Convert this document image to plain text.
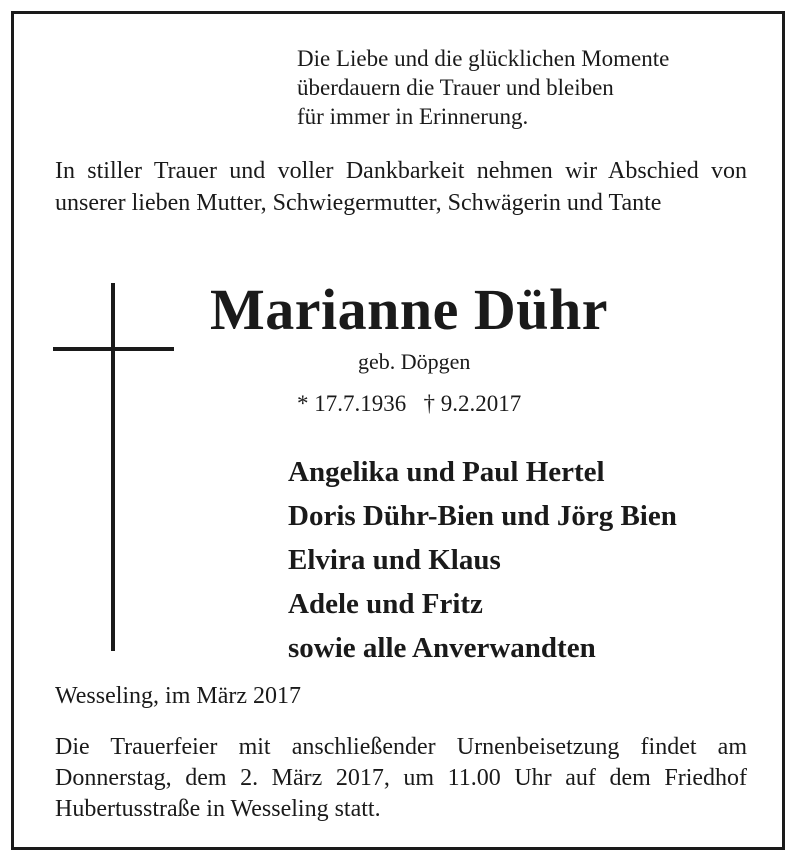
Die Liebe und die glücklichen Momente
überdauern die Trauer und bleiben
für immer in Erinnerung.
In stiller Trauer und voller Dankbarkeit nehmen wir Abschied von unserer lieben Mutter, Schwiegermutter, Schwägerin und Tante
Marianne Dühr
geb. Döpgen
* 17.7.1936   † 9.2.2017
Angelika und Paul Hertel
Doris Dühr-Bien und Jörg Bien
Elvira und Klaus
Adele und Fritz
sowie alle Anverwandten
Wesseling, im März 2017
Die Trauerfeier mit anschließender Urnenbeisetzung findet am Donnerstag, dem 2. März 2017, um 11.00 Uhr auf dem Friedhof Hubertusstraße in Wesseling statt.
